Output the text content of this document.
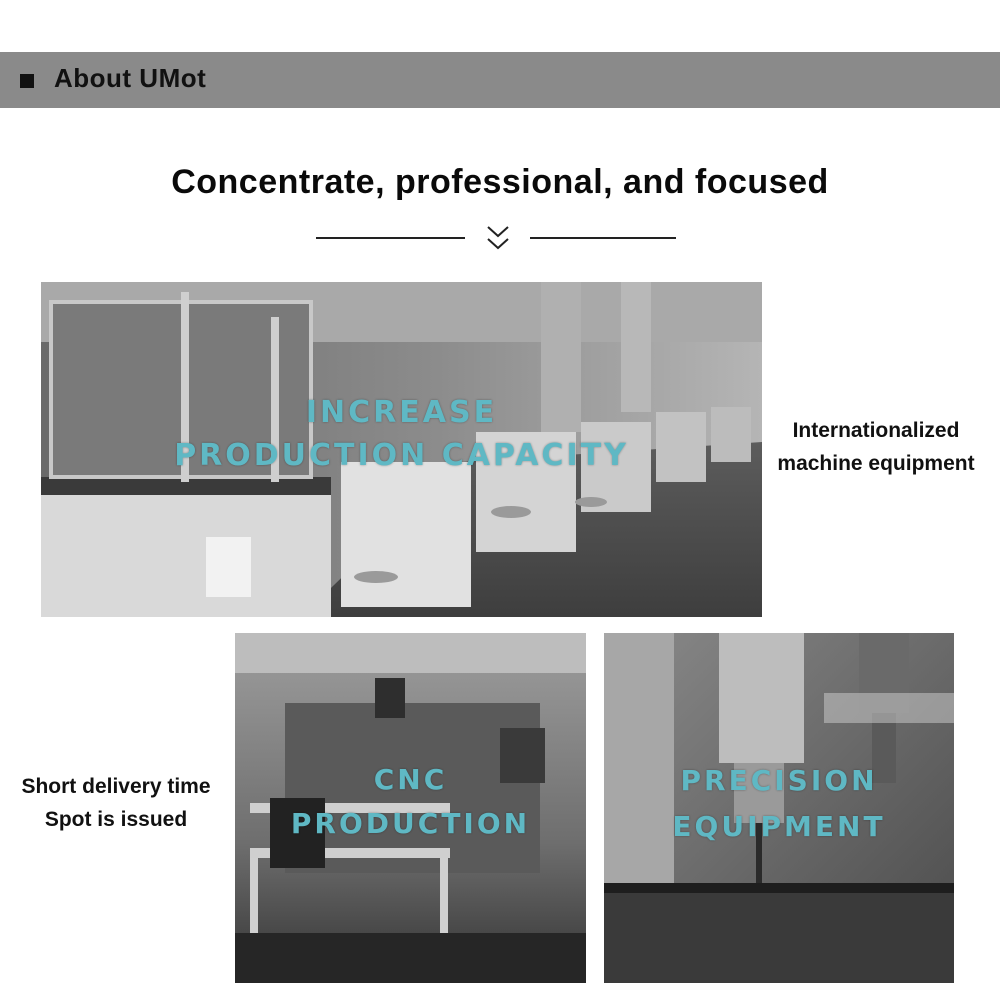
About UMot
Concentrate, professional, and focused
INCREASE
PRODUCTION CAPACITY
Internationalized
machine equipment
Short delivery time
Spot is issued
CNC
PRODUCTION
PRECISION
EQUIPMENT
